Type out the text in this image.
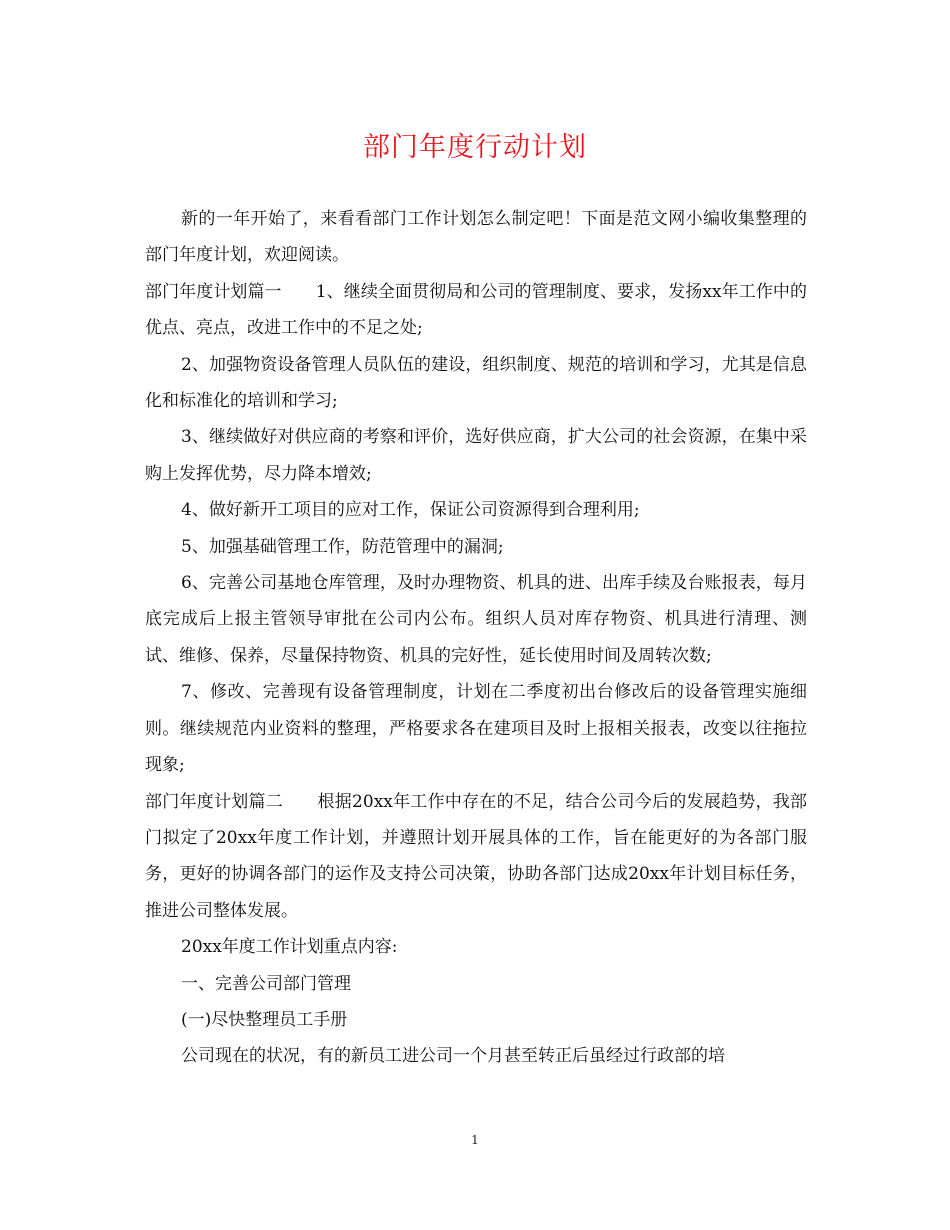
部门年度行动计划

新的一年开始了，来看看部门工作计划怎么制定吧！下面是范文网小编收集整理的部门年度计划，欢迎阅读。

部门年度计划篇一　　1、继续全面贯彻局和公司的管理制度、要求，发扬xx年工作中的优点、亮点，改进工作中的不足之处;

2、加强物资设备管理人员队伍的建设，组织制度、规范的培训和学习，尤其是信息化和标准化的培训和学习;

3、继续做好对供应商的考察和评价，选好供应商，扩大公司的社会资源，在集中采购上发挥优势，尽力降本增效;

4、做好新开工项目的应对工作，保证公司资源得到合理利用;

5、加强基础管理工作，防范管理中的漏洞;

6、完善公司基地仓库管理，及时办理物资、机具的进、出库手续及台账报表，每月底完成后上报主管领导审批在公司内公布。组织人员对库存物资、机具进行清理、测试、维修、保养，尽量保持物资、机具的完好性，延长使用时间及周转次数;

7、修改、完善现有设备管理制度，计划在二季度初出台修改后的设备管理实施细则。继续规范内业资料的整理，严格要求各在建项目及时上报相关报表，改变以往拖拉现象;

部门年度计划篇二　　根据20xx年工作中存在的不足，结合公司今后的发展趋势，我部门拟定了20xx年度工作计划，并遵照计划开展具体的工作，旨在能更好的为各部门服务，更好的协调各部门的运作及支持公司决策，协助各部门达成20xx年计划目标任务，推进公司整体发展。

20xx年度工作计划重点内容:

一、完善公司部门管理

(一)尽快整理员工手册

公司现在的状况，有的新员工进公司一个月甚至转正后虽经过行政部的培

1
